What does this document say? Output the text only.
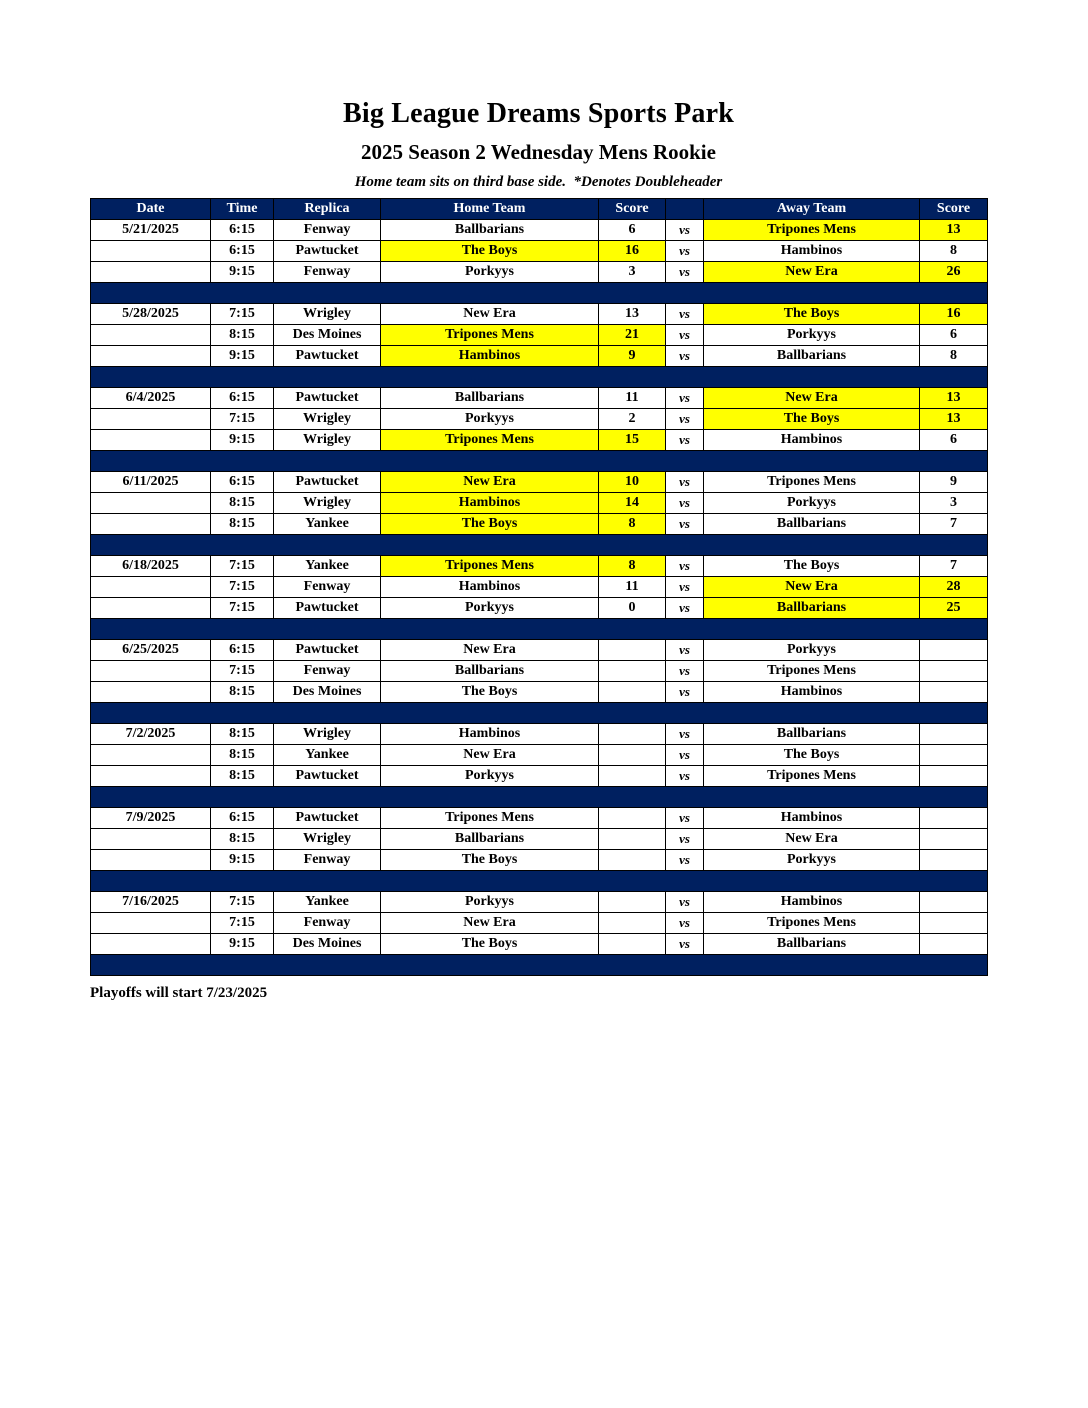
Big League Dreams Sports Park
2025 Season 2 Wednesday Mens Rookie
Home team sits on third base side.  *Denotes Doubleheader
Date	Time	Replica	Home Team	Score		Away Team	Score
5/21/2025	6:15	Fenway	Ballbarians	6	vs	Tripones Mens	13
	6:15	Pawtucket	The Boys	16	vs	Hambinos	8
	9:15	Fenway	Porkyys	3	vs	New Era	26

5/28/2025	7:15	Wrigley	New Era	13	vs	The Boys	16
	8:15	Des Moines	Tripones Mens	21	vs	Porkyys	6
	9:15	Pawtucket	Hambinos	9	vs	Ballbarians	8

6/4/2025	6:15	Pawtucket	Ballbarians	11	vs	New Era	13
	7:15	Wrigley	Porkyys	2	vs	The Boys	13
	9:15	Wrigley	Tripones Mens	15	vs	Hambinos	6

6/11/2025	6:15	Pawtucket	New Era	10	vs	Tripones Mens	9
	8:15	Wrigley	Hambinos	14	vs	Porkyys	3
	8:15	Yankee	The Boys	8	vs	Ballbarians	7

6/18/2025	7:15	Yankee	Tripones Mens	8	vs	The Boys	7
	7:15	Fenway	Hambinos	11	vs	New Era	28
	7:15	Pawtucket	Porkyys	0	vs	Ballbarians	25

6/25/2025	6:15	Pawtucket	New Era		vs	Porkyys	
	7:15	Fenway	Ballbarians		vs	Tripones Mens	
	8:15	Des Moines	The Boys		vs	Hambinos	

7/2/2025	8:15	Wrigley	Hambinos		vs	Ballbarians	
	8:15	Yankee	New Era		vs	The Boys	
	8:15	Pawtucket	Porkyys		vs	Tripones Mens	

7/9/2025	6:15	Pawtucket	Tripones Mens		vs	Hambinos	
	8:15	Wrigley	Ballbarians		vs	New Era	
	9:15	Fenway	The Boys		vs	Porkyys	

7/16/2025	7:15	Yankee	Porkyys		vs	Hambinos	
	7:15	Fenway	New Era		vs	Tripones Mens	
	9:15	Des Moines	The Boys		vs	Ballbarians	

Playoffs will start 7/23/2025
